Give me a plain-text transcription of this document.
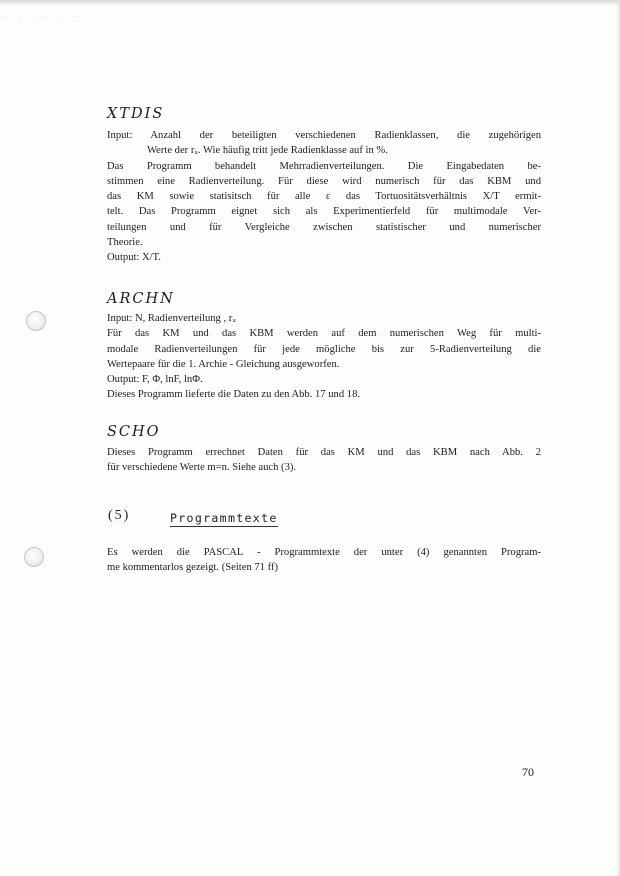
· · · · · · ·
XTDIS
Input: Anzahl der beteiligten verschiedenen Radienklassen, die zugehörigen
Werte der rᵤ. Wie häufig tritt jede Radienklasse auf in %.
Das Programm behandelt Mehrradienverteilungen. Die Eingabedaten be-
stimmen eine Radienverteilung. Für diese wird numerisch für das KBM und
das KM sowie statisitsch für alle ε das Tortuositätsverhältnis X/T ermit-
telt. Das Programm eignet sich als Experimentierfeld für multimodale Ver-
teilungen und für Vergleiche zwischen statistischer und numerischer
Theorie.
Output: X/T.
ARCHN
Input: N, Radienverteilung , rᵤ
Für das KM und das KBM werden auf dem numerischen Weg für multi-
modale Radienverteilungen für jede mögliche bis zur 5-Radienverteilung die
Wertepaare für die 1. Archie - Gleichung ausgeworfen.
Output: F, Φ, lnF, lnΦ.
Dieses Programm lieferte die Daten zu den Abb. 17 und 18.
SCHO
Dieses Programm errechnet Daten für das KM und das KBM nach Abb. 2
für verschiedene Werte m=n. Siehe auch (3).
(5)	Programmtexte
Es werden die PASCAL - Programmtexte der unter (4) genannten Program-
me kommentarlos gezeigt. (Seiten 71 ff)
70
